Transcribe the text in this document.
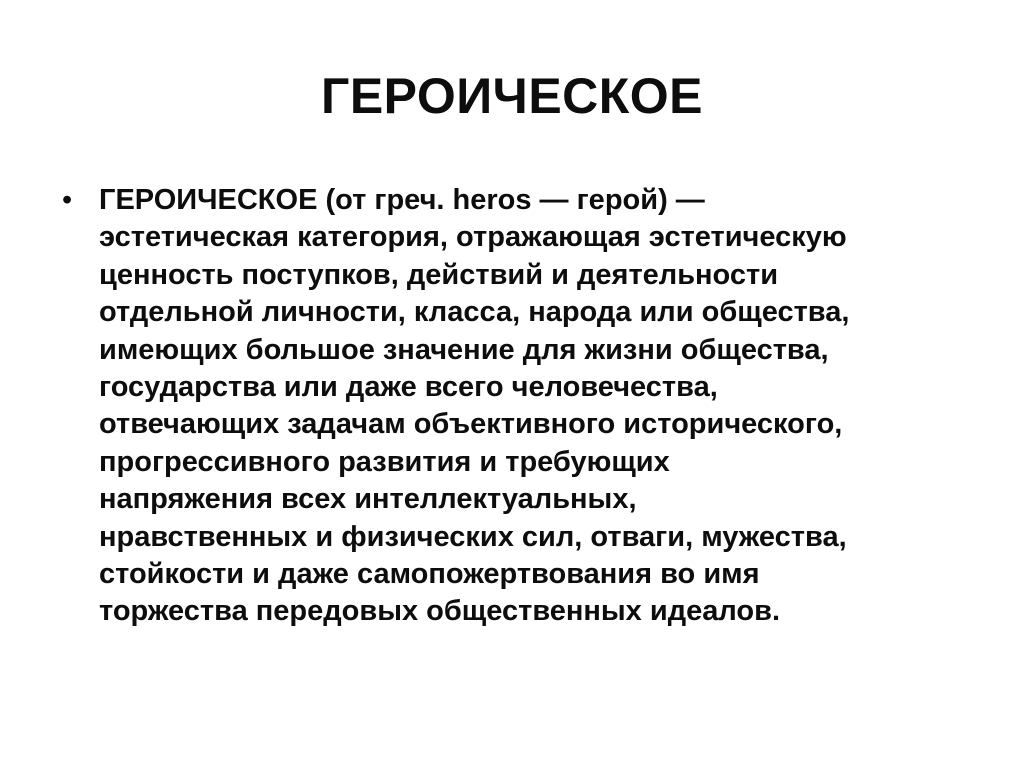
ГЕРОИЧЕСКОЕ
• ГЕРОИЧЕСКОЕ (от греч. heros — герой) —
эстетическая категория, отражающая эстетическую
ценность поступков, действий и деятельности
отдельной личности, класса, народа или общества,
имеющих большое значение для жизни общества,
государства или даже всего человечества,
отвечающих задачам объективного исторического,
прогрессивного развития и требующих
напряжения всех интеллектуальных,
нравственных и физических сил, отваги, мужества,
стойкости и даже самопожертвования во имя
торжества передовых общественных идеалов.
